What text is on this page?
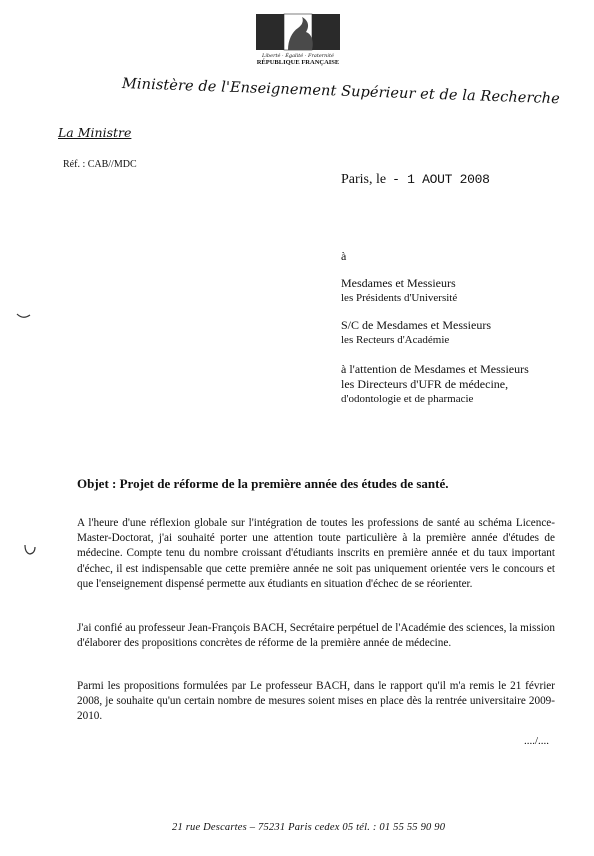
Liberté · Égalité · Fraternité
RÉPUBLIQUE FRANÇAISE
Ministère de l'Enseignement Supérieur et de la Recherche
La Ministre
Réf. : CAB//MDC
Paris, le - 1 AOUT 2008
à
Mesdames et Messieurs
les Présidents d'Université
S/C de Mesdames et Messieurs
les Recteurs d'Académie
à l'attention de Mesdames et Messieurs
les Directeurs d'UFR de médecine,
d'odontologie et de pharmacie
Objet : Projet de réforme de la première année des études de santé.
A l'heure d'une réflexion globale sur l'intégration de toutes les professions de santé au schéma Licence-Master-Doctorat, j'ai souhaité porter une attention toute particulière à la première année d'études de médecine. Compte tenu du nombre croissant d'étudiants inscrits en première année et du taux important d'échec, il est indispensable que cette première année ne soit pas uniquement orientée vers le concours et que l'enseignement dispensé permette aux étudiants en situation d'échec de se réorienter.
J'ai confié au professeur Jean-François BACH, Secrétaire perpétuel de l'Académie des sciences, la mission d'élaborer des propositions concrètes de réforme de la première année de médecine.
Parmi les propositions formulées par Le professeur BACH, dans le rapport qu'il m'a remis le 21 février 2008, je souhaite qu'un certain nombre de mesures soient mises en place dès la rentrée universitaire 2009-2010.
..../....
21 rue Descartes – 75231 Paris cedex 05 tél. : 01 55 55 90 90
